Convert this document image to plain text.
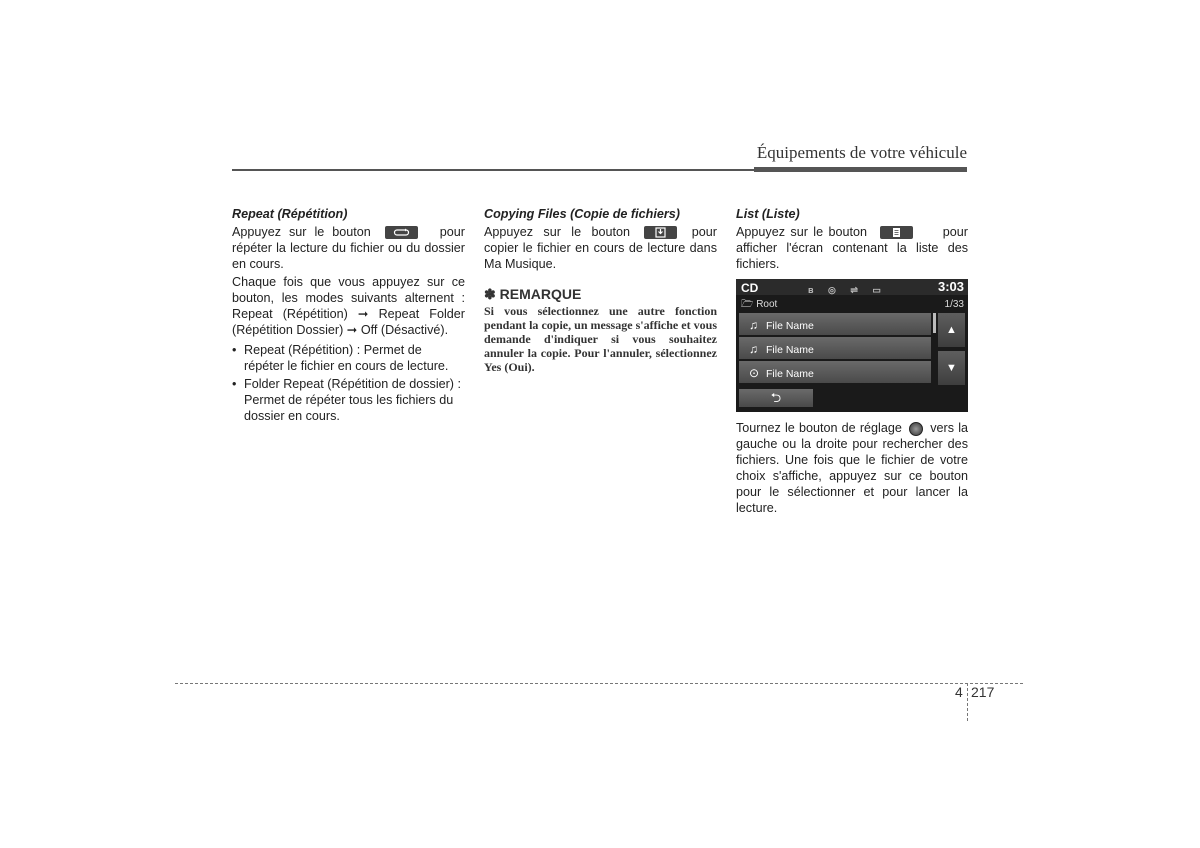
Équipements de votre véhicule
Repeat (Répétition)

Appuyez sur le bouton	pour répéter la lecture du fichier ou du dossier en cours.

Chaque fois que vous appuyez sur ce bouton, les modes suivants alternent : Repeat (Répétition) ➞ Repeat Folder (Répétition Dossier) ➞ Off (Désactivé).

• Repeat (Répétition) : Permet de répéter le fichier en cours de lecture.
• Folder Repeat (Répétition de dossier) : Permet de répéter tous les fichiers du dossier en cours.
Copying Files (Copie de fichiers)

Appuyez sur le bouton	pour copier le fichier en cours de lecture dans Ma Musique.

✽ REMARQUE
Si vous sélectionnez une autre fonction pendant la copie, un message s'affiche et vous demande d'indiquer si vous souhaitez annuler la copie. Pour l'annuler, sélectionnez Yes (Oui).
List (Liste)

Appuyez sur le bouton	pour afficher l'écran contenant la liste des fichiers.

CD	ʙ ◎ ⇌ ▭	3:03
🗁 Root	1/33
♫ File Name
♫ File Name
⊙ File Name
▲
▼
⮌

Tournez le bouton de réglage vers la gauche ou la droite pour rechercher des fichiers. Une fois que le fichier de votre choix s'affiche, appuyez sur ce bouton pour le sélectionner et pour lancer la lecture.

4 217
